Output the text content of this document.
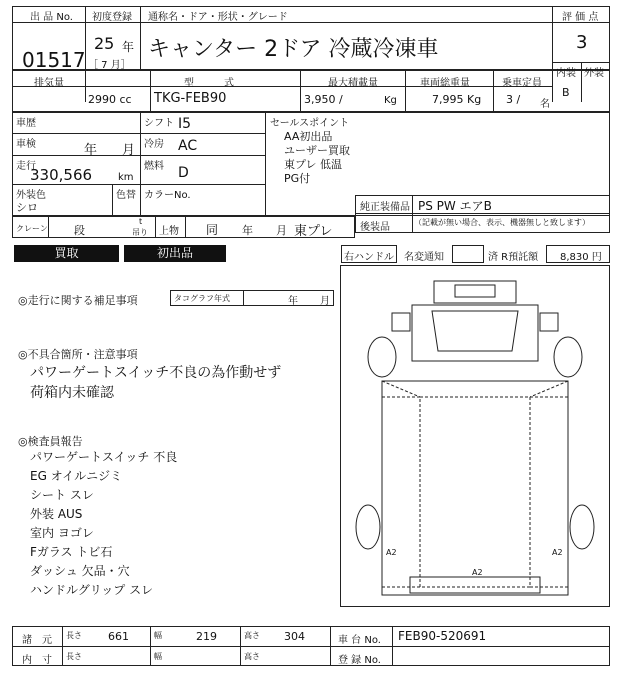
出 品 No.
01517
初度登録
25 年
［ 7 月］
通称名・ドア・形状・グレード
キャンター 2ドア 冷蔵冷凍車
評 価 点
3
内装 外装
B
排気量
2990 cc
型　　　式
TKG-FEB90
最大積載量
3,950 /	Kg
車両総重量
7,995 Kg
乗車定員
3 / 名
車歴	シフト I5
車検	年 月 冷房 AC
走行
330,566	km
燃料 D
外装色
シロ
色替 カラーNo.
セールスポイント
AA初出品
ユーザー買取
東プレ 低温
PG付
純正装備品 PS PW エアB
後装品	（記載が無い場合、表示、機器無しと致します）
クレーン 段
t
吊り 上物 同 年 月 東プレ
買取	初出品	右ハンドル 名変通知	済 R預託額 8,830 円
◎走行に関する補足事項	タコグラフ年式	年 月
◎不具合箇所・注意事項
パワーゲートスイッチ不良の為作動せず
荷箱内未確認
◎検査員報告
パワーゲートスイッチ 不良
EG オイルニジミ
シート スレ
外装 AUS
室内 ヨゴレ
Fガラス トビ石
ダッシュ 欠品・穴
ハンドルグリップ スレ
A2	A2
A2
諸　元 長さ 661	幅	219	高さ 304	車 台 No. FEB90-520691
内　寸 長さ	幅	高さ	登 録 No.
